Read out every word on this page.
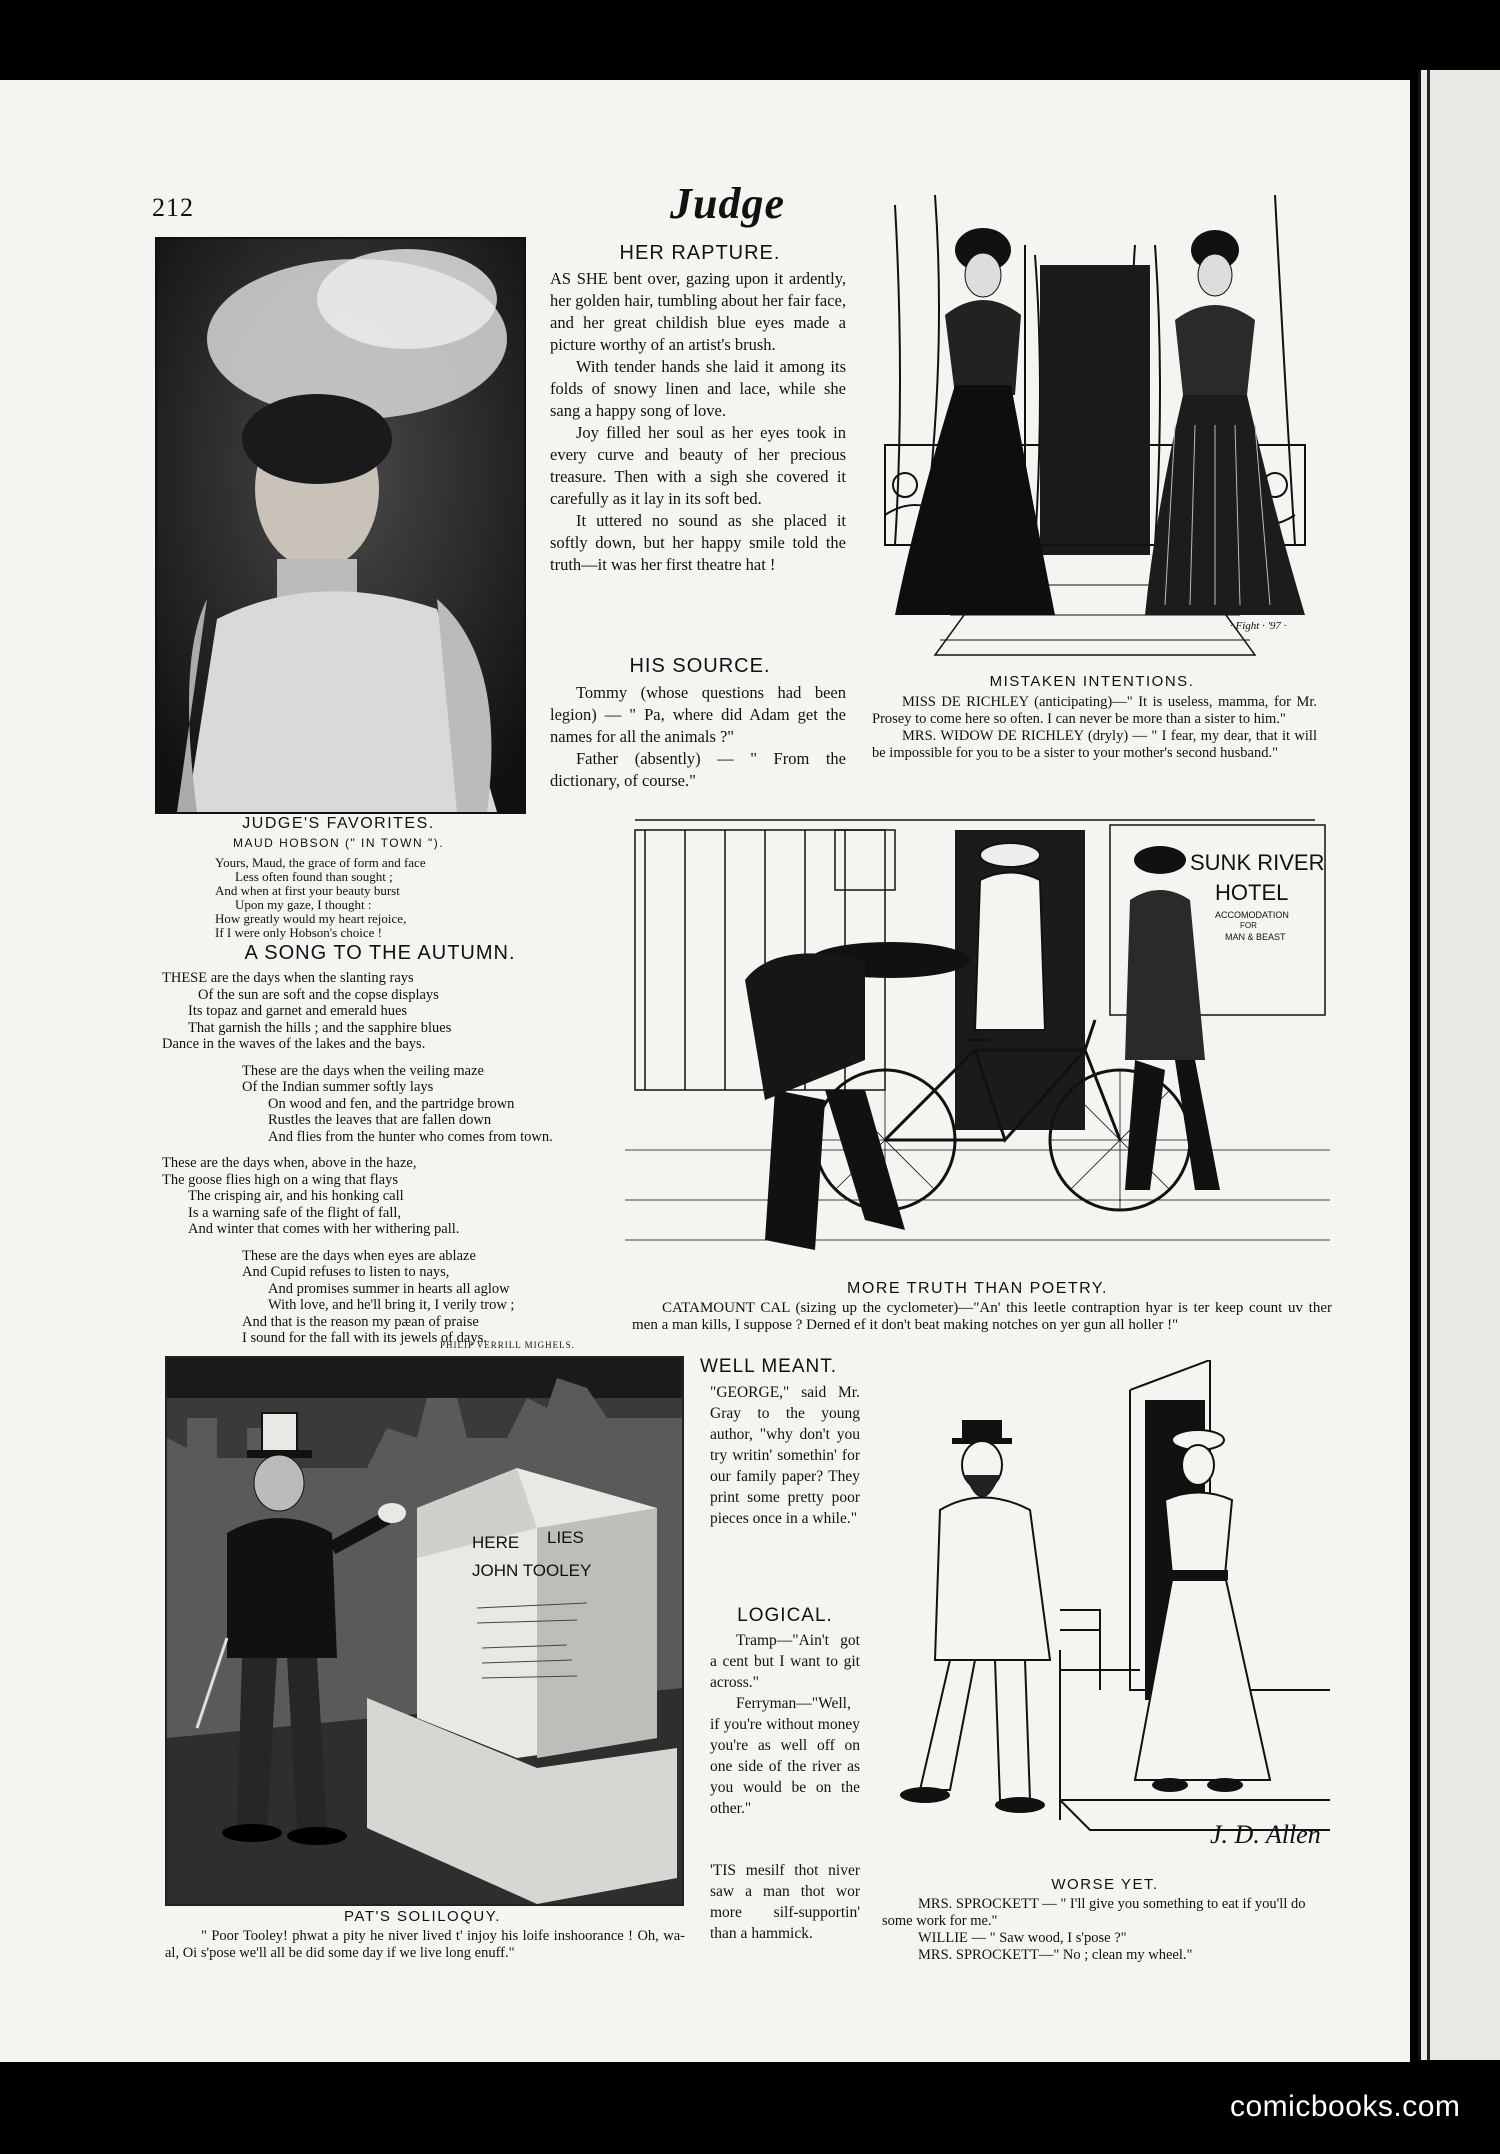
212	Judge
JUDGE'S FAVORITES.
MAUD HOBSON (" IN TOWN ").
Yours, Maud, the grace of form and face
Less often found than sought ;
And when at first your beauty burst
Upon my gaze, I thought :
How greatly would my heart rejoice,
If I were only Hobson's choice !
A SONG TO THE AUTUMN.
THESE are the days when the slanting rays
Of the sun are soft and the copse displays
Its topaz and garnet and emerald hues
That garnish the hills ; and the sapphire blues
Dance in the waves of the lakes and the bays.
These are the days when the veiling maze
Of the Indian summer softly lays
On wood and fen, and the partridge brown
Rustles the leaves that are fallen down
And flies from the hunter who comes from town.
These are the days when, above in the haze,
The goose flies high on a wing that flays
The crisping air, and his honking call
Is a warning safe of the flight of fall,
And winter that comes with her withering pall.
These are the days when eyes are ablaze
And Cupid refuses to listen to nays,
And promises summer in hearts all aglow
With love, and he'll bring it, I verily trow ;
And that is the reason my pæan of praise
I sound for the fall with its jewels of days.
PHILIP VERRILL MIGHELS.
HER RAPTURE.

AS SHE bent over, gazing upon it ardently, her golden hair, tumbling about her fair face, and her great childish blue eyes made a picture worthy of an artist's brush.

With tender hands she laid it among its folds of snowy linen and lace, while she sang a happy song of love.

Joy filled her soul as her eyes took in every curve and beauty of her precious treasure. Then with a sigh she covered it carefully as it lay in its soft bed.

It uttered no sound as she placed it softly down, but her happy smile told the truth—it was her first theatre hat !

HIS SOURCE.

Tommy (whose questions had been legion) — " Pa, where did Adam get the names for all the animals ?"

Father (absently) — " From the dictionary, of course."

· Fight · '97 ·
MISTAKEN INTENTIONS.
MISS DE RICHLEY (anticipating)—" It is useless, mamma, for Mr. Prosey to come here so often. I can never be more than a sister to him."
MRS. WIDOW DE RICHLEY (dryly) — " I fear, my dear, that it will be impossible for you to be a sister to your mother's second husband."
SUNK RIVER
HOTEL
ACCOMODATION
FOR
MAN & BEAST
MORE TRUTH THAN POETRY.
CATAMOUNT CAL (sizing up the cyclometer)—"An' this leetle contraption hyar is ter keep count uv ther men a man kills, I suppose ? Derned ef it don't beat making notches on yer gun all holler !"
HERE LIES
JOHN TOOLEY
PAT'S SOLILOQUY.
" Poor Tooley! phwat a pity he niver lived t' injoy his loife inshoorance ! Oh, wa-al, Oi s'pose we'll all be did some day if we live long enuff."
WELL MEANT.
"GEORGE," said Mr. Gray to the young author, "why don't you try writin' somethin' for our family paper? They print some pretty poor pieces once in a while."
LOGICAL.

Tramp—"Ain't got a cent but I want to git across."

Ferryman—"Well, if you're without money you're as well off on one side of the river as you would be on the other."

'TIS mesilf thot niver saw a man thot wor more silf-supportin' than a hammick.
J. D. Allen
WORSE YET.
MRS. SPROCKETT — " I'll give you something to eat if you'll do some work for me."
WILLIE — " Saw wood, I s'pose ?"
MRS. SPROCKETT—" No ; clean my wheel."
comicbooks.com
